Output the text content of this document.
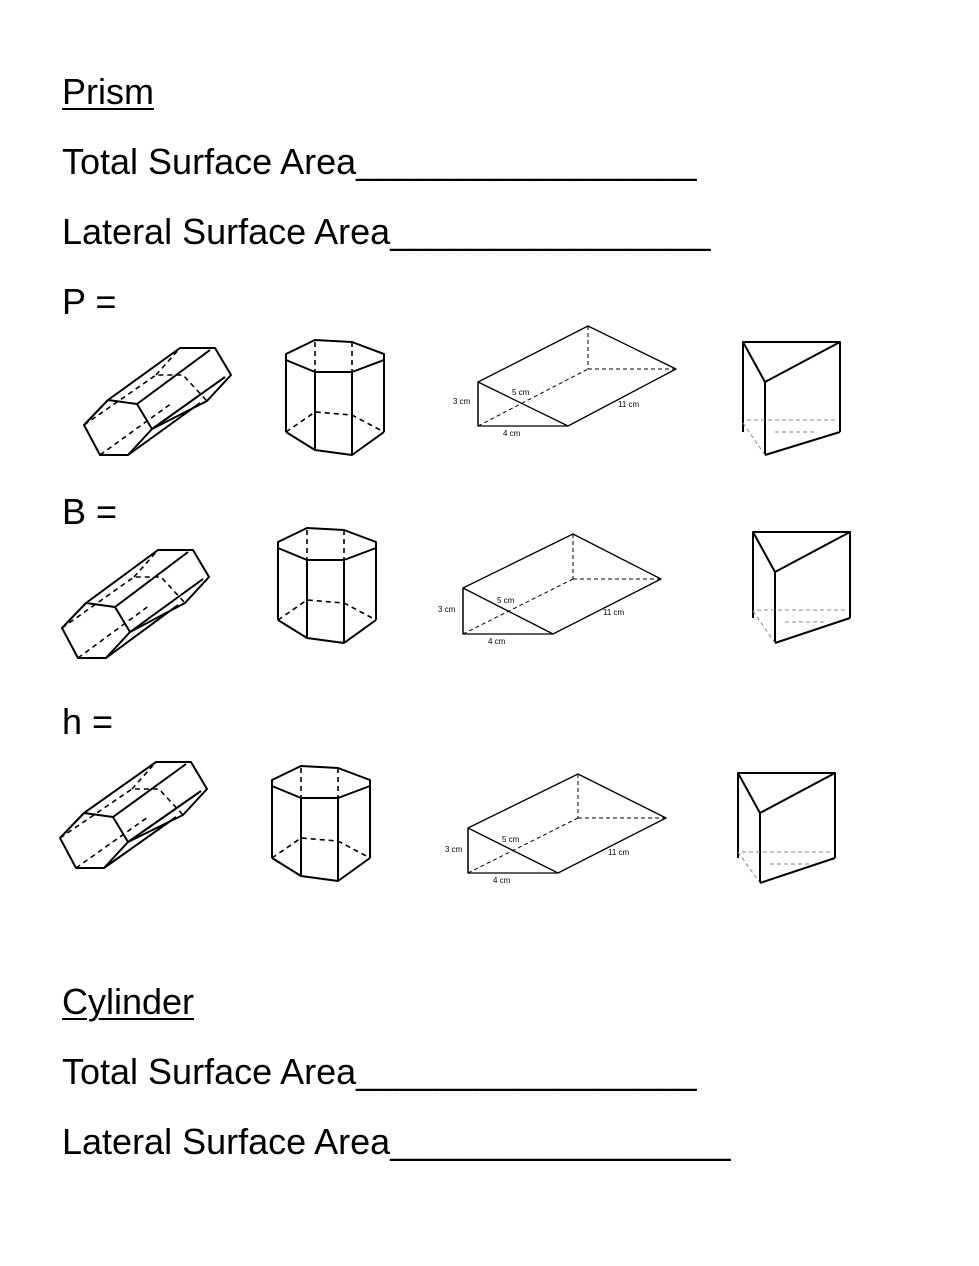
Prism
Total Surface Area_________________
Lateral Surface Area________________
P =
3 cm
5 cm
11 cm
4 cm
B =
3 cm
5 cm
11 cm
4 cm
h =
3 cm
5 cm
11 cm
4 cm
Cylinder
Total Surface Area_________________
Lateral Surface Area_________________
